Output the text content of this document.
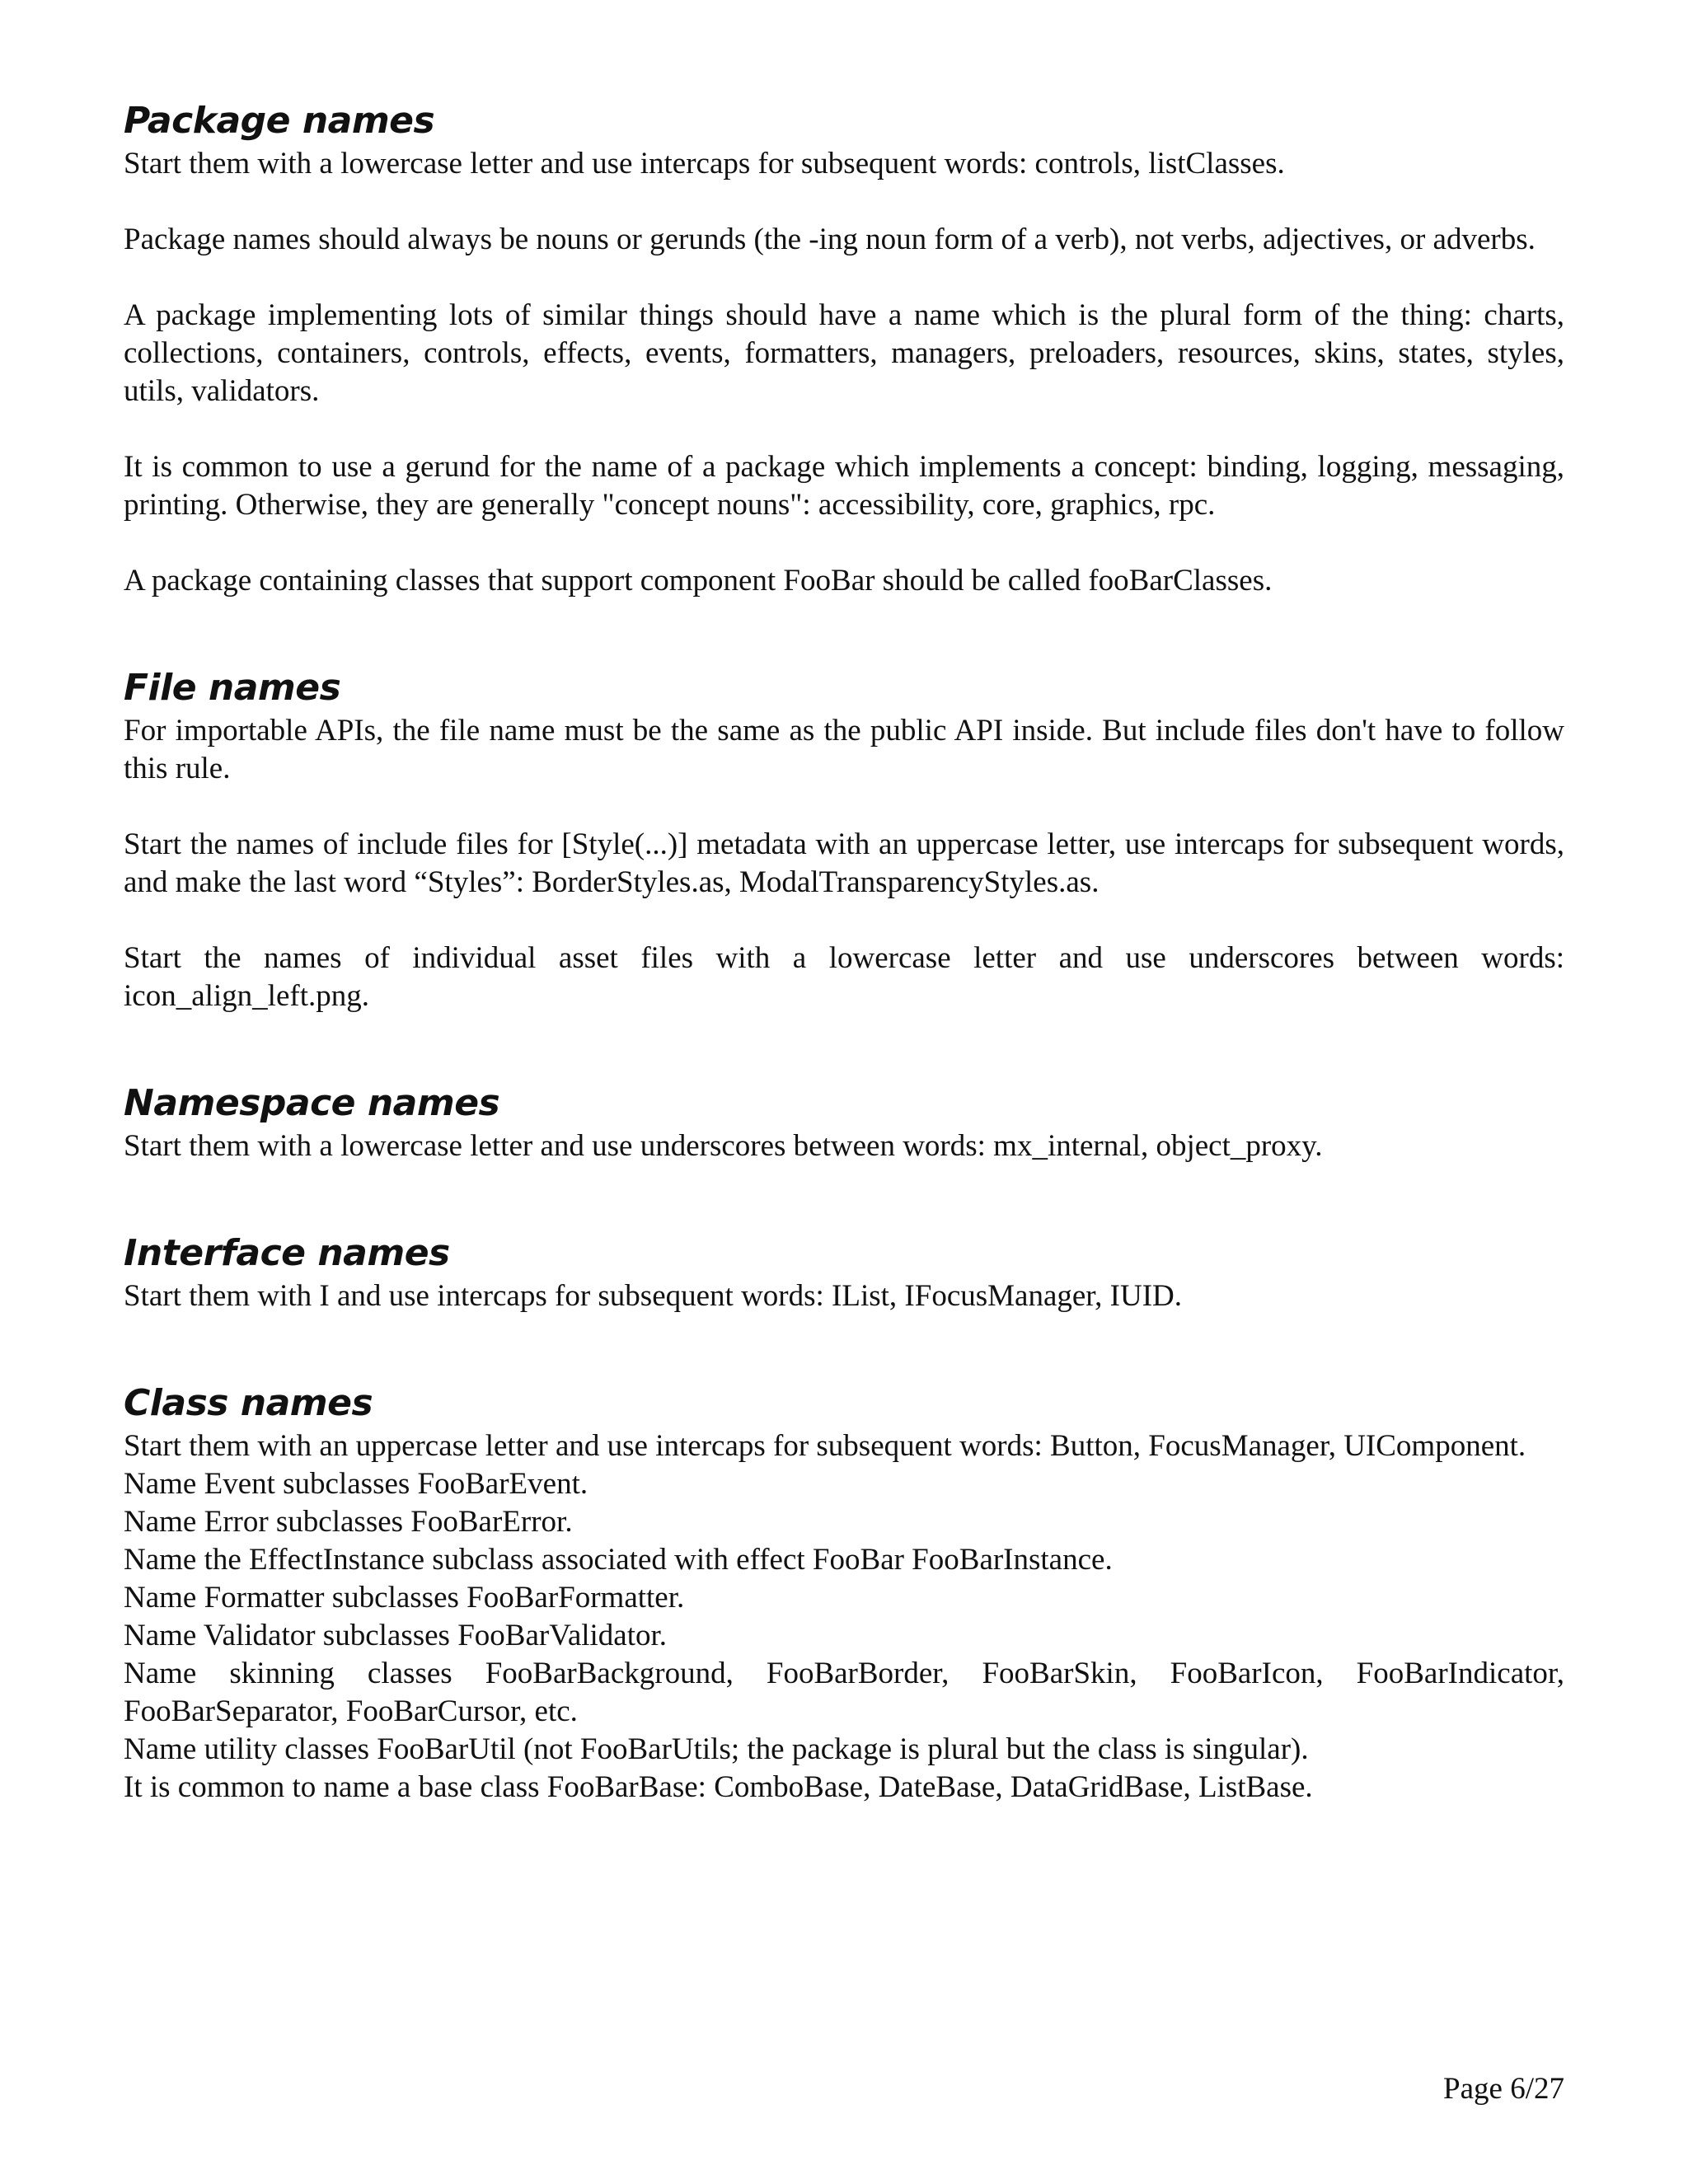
Package names

Start them with a lowercase letter and use intercaps for subsequent words: controls, listClasses.

Package names should always be nouns or gerunds (the -ing noun form of a verb), not verbs, adjectives, or adverbs.

A package implementing lots of similar things should have a name which is the plural form of the thing: charts, collections, containers, controls, effects, events, formatters, managers, preloaders, resources, skins, states, styles, utils, validators.

It is common to use a gerund for the name of a package which implements a concept: binding, logging, messaging, printing. Otherwise, they are generally "concept nouns": accessibility, core, graphics, rpc.

A package containing classes that support component FooBar should be called fooBarClasses.

File names

For importable APIs, the file name must be the same as the public API inside. But include files don't have to follow this rule.

Start the names of include files for [Style(...)] metadata with an uppercase letter, use intercaps for subsequent words, and make the last word “Styles”: BorderStyles.as, ModalTransparencyStyles.as.

Start the names of individual asset files with a lowercase letter and use underscores between words: icon_align_left.png.

Namespace names

Start them with a lowercase letter and use underscores between words: mx_internal, object_proxy.

Interface names

Start them with I and use intercaps for subsequent words: IList, IFocusManager, IUID.

Class names

Start them with an uppercase letter and use intercaps for subsequent words: Button, FocusManager, UIComponent.

Name Event subclasses FooBarEvent.

Name Error subclasses FooBarError.

Name the EffectInstance subclass associated with effect FooBar FooBarInstance.

Name Formatter subclasses FooBarFormatter.

Name Validator subclasses FooBarValidator.

Name skinning classes FooBarBackground, FooBarBorder, FooBarSkin, FooBarIcon, FooBarIndicator, FooBarSeparator, FooBarCursor, etc.

Name utility classes FooBarUtil (not FooBarUtils; the package is plural but the class is singular).

It is common to name a base class FooBarBase: ComboBase, DateBase, DataGridBase, ListBase.

Page 6/27
